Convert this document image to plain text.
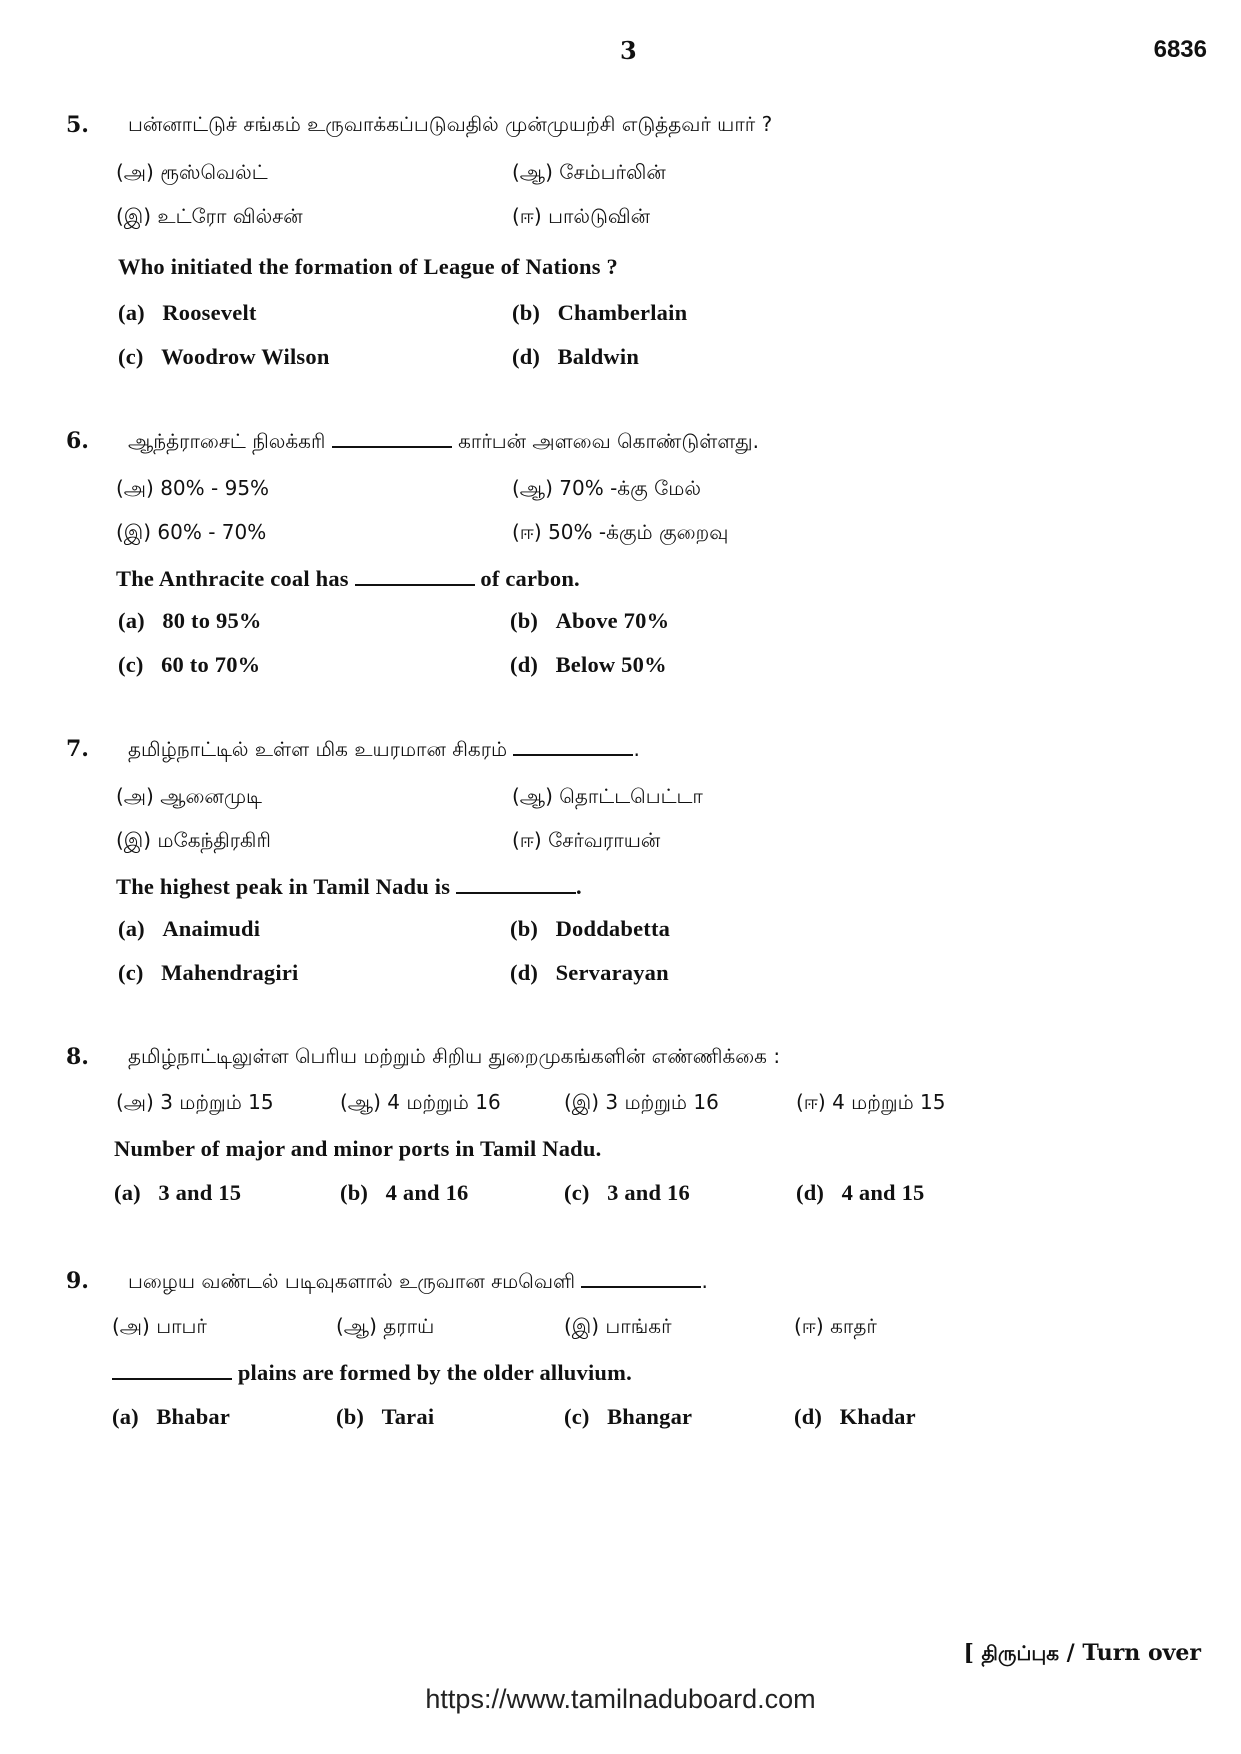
3	6836
5. பன்னாட்டுச் சங்கம் உருவாக்கப்படுவதில் முன்முயற்சி எடுத்தவர் யார் ?
(அ) ரூஸ்வெல்ட்	(ஆ) சேம்பர்லின்
(இ) உட்ரோ வில்சன்	(ஈ) பால்டுவின்
Who initiated the formation of League of Nations ?
(a) Roosevelt	(b) Chamberlain
(c) Woodrow Wilson	(d) Baldwin
6. ஆந்த்ராசைட் நிலக்கரி	கார்பன் அளவை கொண்டுள்ளது.
(அ) 80% - 95%	(ஆ) 70% -க்கு மேல்
(இ) 60% - 70%	(ஈ) 50% -க்கும் குறைவு
The Anthracite coal has	of carbon.
(a) 80 to 95%	(b) Above 70%
(c) 60 to 70%	(d) Below 50%
7. தமிழ்நாட்டில் உள்ள மிக உயரமான சிகரம்	.
(அ) ஆனைமுடி	(ஆ) தொட்டபெட்டா
(இ) மகேந்திரகிரி	(ஈ) சேர்வராயன்
The highest peak in Tamil Nadu is	.
(a) Anaimudi	(b) Doddabetta
(c) Mahendragiri	(d) Servarayan
8. தமிழ்நாட்டிலுள்ள பெரிய மற்றும் சிறிய துறைமுகங்களின் எண்ணிக்கை :
(அ) 3 மற்றும் 15	(ஆ) 4 மற்றும் 16	(இ) 3 மற்றும் 16	(ஈ) 4 மற்றும் 15
Number of major and minor ports in Tamil Nadu.
(a) 3 and 15	(b) 4 and 16	(c) 3 and 16	(d) 4 and 15
9. பழைய வண்டல் படிவுகளால் உருவான சமவெளி	.
(அ) பாபர்	(ஆ) தராய்	(இ) பாங்கர்	(ஈ) காதர்
plains are formed by the older alluvium.
(a) Bhabar	(b) Tarai	(c) Bhangar	(d) Khadar
[ திருப்புக / Turn over
https://www.tamilnaduboard.com
